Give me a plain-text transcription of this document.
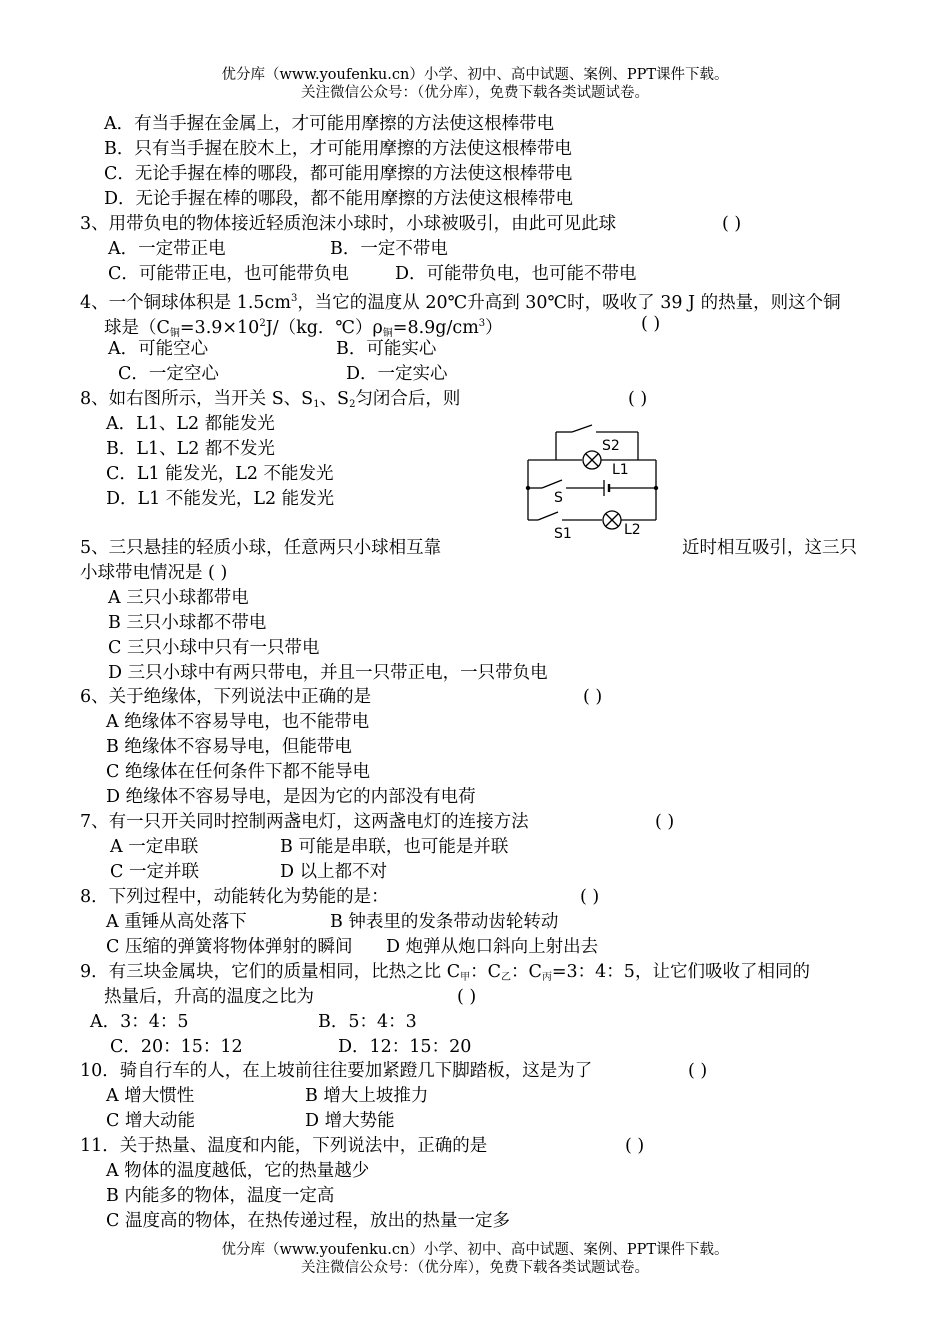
优分库（www.youfenku.cn）小学、初中、高中试题、案例、PPT课件下载。
关注微信公众号：（优分库），免费下载各类试题试卷。
A．有当手握在金属上，才可能用摩擦的方法使这根棒带电
B．只有当手握在胶木上，才可能用摩擦的方法使这根棒带电
C．无论手握在棒的哪段，都可能用摩擦的方法使这根棒带电
D．无论手握在棒的哪段，都不能用摩擦的方法使这根棒带电
3、用带负电的物体接近轻质泡沫小球时，小球被吸引，由此可见此球	( )
A．一定带正电	B．一定不带电
C．可能带正电，也可能带负电	D．可能带负电，也可能不带电
4、一个铜球体积是 $1.5cm^3$，当它的温度从 20℃升高到 30℃时，吸收了 39 J 的热量，则这个铜
球是（$C_铜=3.9\times 10^2J/(kg$．$℃)\rho_铜=8.9g/cm^3$）	( )
A．可能空心	B．可能实心
C．一定空心	D．一定实心
8、如右图所示，当开关 S、$S_1$、$S_2$匀闭合后，则	( )
A．L1、L2 都能发光
B．L1、L2 都不发光
C．L1 能发光，L2 不能发光
D．L1 不能发光，L2 能发光
S2
L1
S
S1	L2
5、三只悬挂的轻质小球，任意两只小球相互靠	近时相互吸引，这三只
小球带电情况是 ( )
A 三只小球都带电
B 三只小球都不带电
C 三只小球中只有一只带电
D 三只小球中有两只带电，并且一只带正电，一只带负电
6、关于绝缘体，下列说法中正确的是	( )
A 绝缘体不容易导电，也不能带电
B 绝缘体不容易导电，但能带电
C 绝缘体在任何条件下都不能导电
D 绝缘体不容易导电，是因为它的内部没有电荷
7、有一只开关同时控制两盏电灯，这两盏电灯的连接方法	( )
A 一定串联	B 可能是串联，也可能是并联
C 一定并联	D 以上都不对
8．下列过程中，动能转化为势能的是：	( )
A 重锤从高处落下	B 钟表里的发条带动齿轮转动
C 压缩的弹簧将物体弹射的瞬间 D 炮弹从炮口斜向上射出去
9．有三块金属块，它们的质量相同，比热之比 $C_甲$：$C_乙$：$C_丙=3$：4：5，让它们吸收了相同的
热量后，升高的温度之比为	( )
A．3：4：5	B．5：4：3
C．20：15：12	D．12：15：20
10．骑自行车的人，在上坡前往往要加紧蹬几下脚踏板，这是为了	( )
A 增大惯性	B 增大上坡推力
C 增大动能	D 增大势能
11．关于热量、温度和内能，下列说法中，正确的是	( )
A 物体的温度越低，它的热量越少
B 内能多的物体，温度一定高
C 温度高的物体，在热传递过程，放出的热量一定多
优分库（www.youfenku.cn）小学、初中、高中试题、案例、PPT课件下载。
关注微信公众号：（优分库），免费下载各类试题试卷。
